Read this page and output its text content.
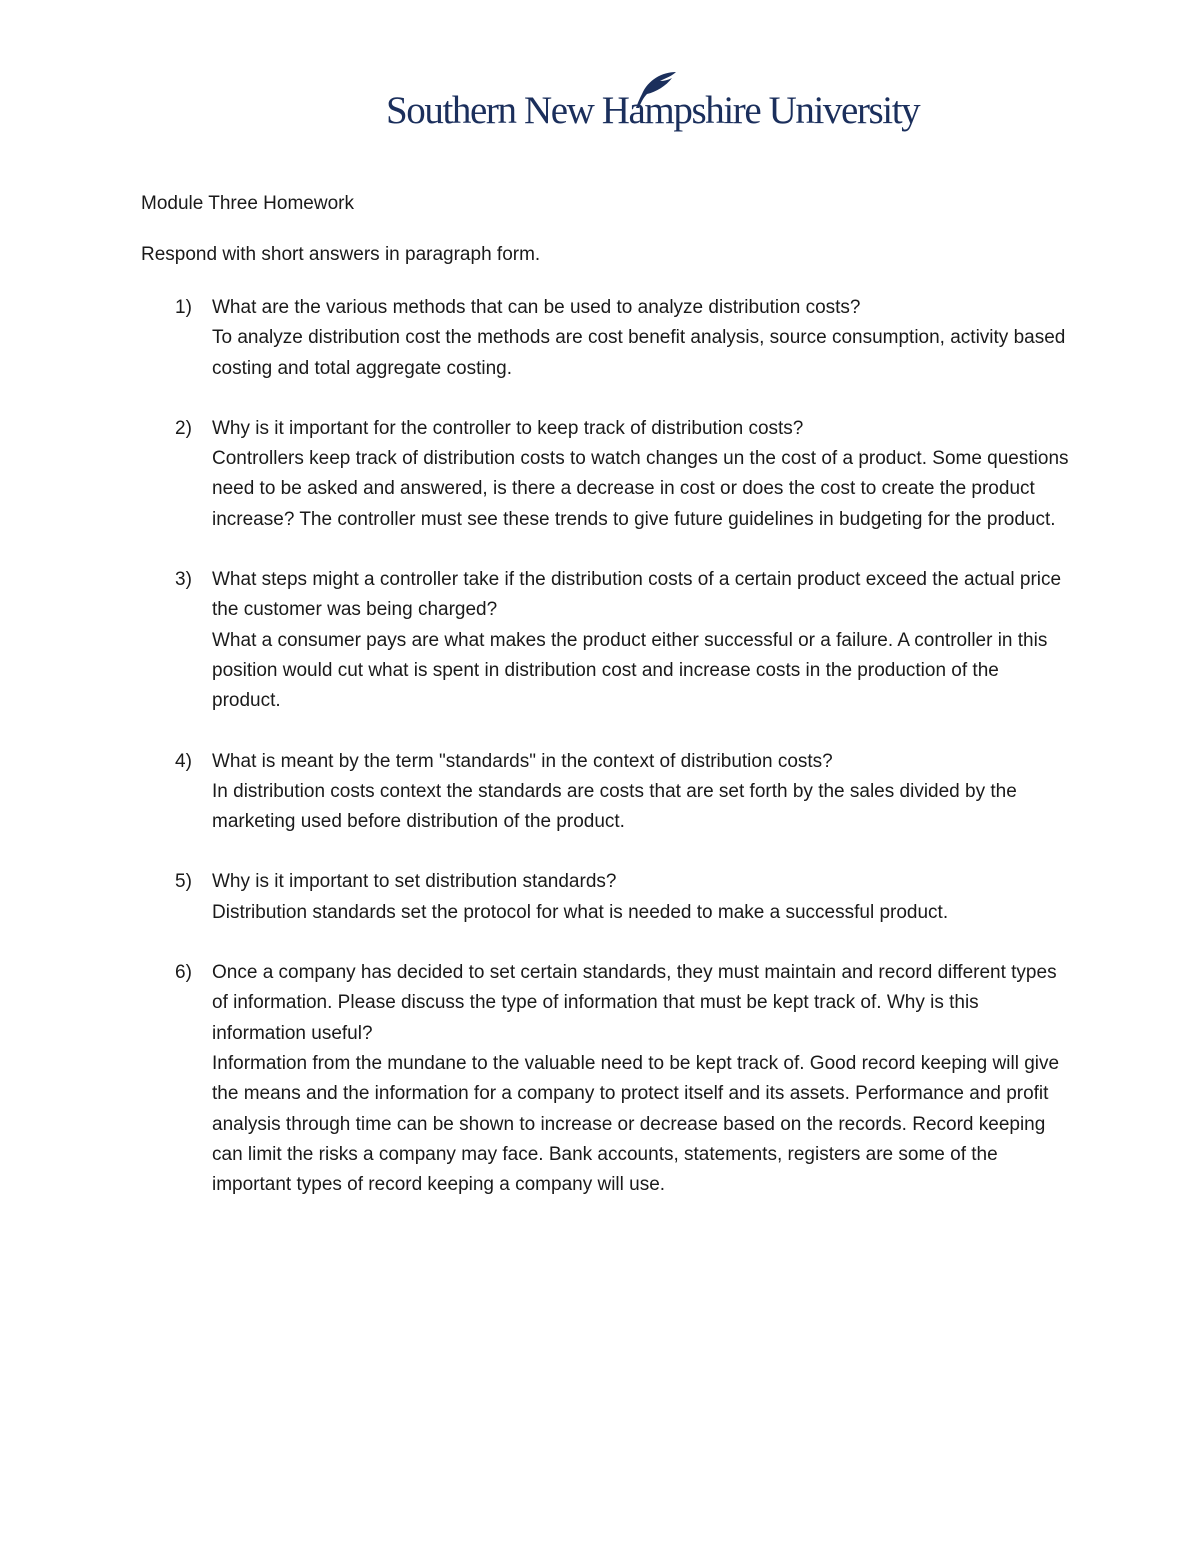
Southern New Hampshire University
Module Three Homework
Respond with short answers in paragraph form.
1) What are the various methods that can be used to analyze distribution costs?
To analyze distribution cost the methods are cost benefit analysis, source consumption, activity based costing and total aggregate costing.
2) Why is it important for the controller to keep track of distribution costs?
Controllers keep track of distribution costs to watch changes un the cost of a product. Some questions need to be asked and answered, is there a decrease in cost or does the cost to create the product increase? The controller must see these trends to give future guidelines in budgeting for the product.
3) What steps might a controller take if the distribution costs of a certain product exceed the actual price the customer was being charged?
What a consumer pays are what makes the product either successful or a failure. A controller in this position would cut what is spent in distribution cost and increase costs in the production of the product.
4) What is meant by the term "standards" in the context of distribution costs?
In distribution costs context the standards are costs that are set forth by the sales divided by the marketing used before distribution of the product.
5) Why is it important to set distribution standards?
Distribution standards set the protocol for what is needed to make a successful product.
6) Once a company has decided to set certain standards, they must maintain and record different types of information. Please discuss the type of information that must be kept track of. Why is this information useful?
Information from the mundane to the valuable need to be kept track of. Good record keeping will give the means and the information for a company to protect itself and its assets. Performance and profit analysis through time can be shown to increase or decrease based on the records. Record keeping can limit the risks a company may face. Bank accounts, statements, registers are some of the important types of record keeping a company will use.
